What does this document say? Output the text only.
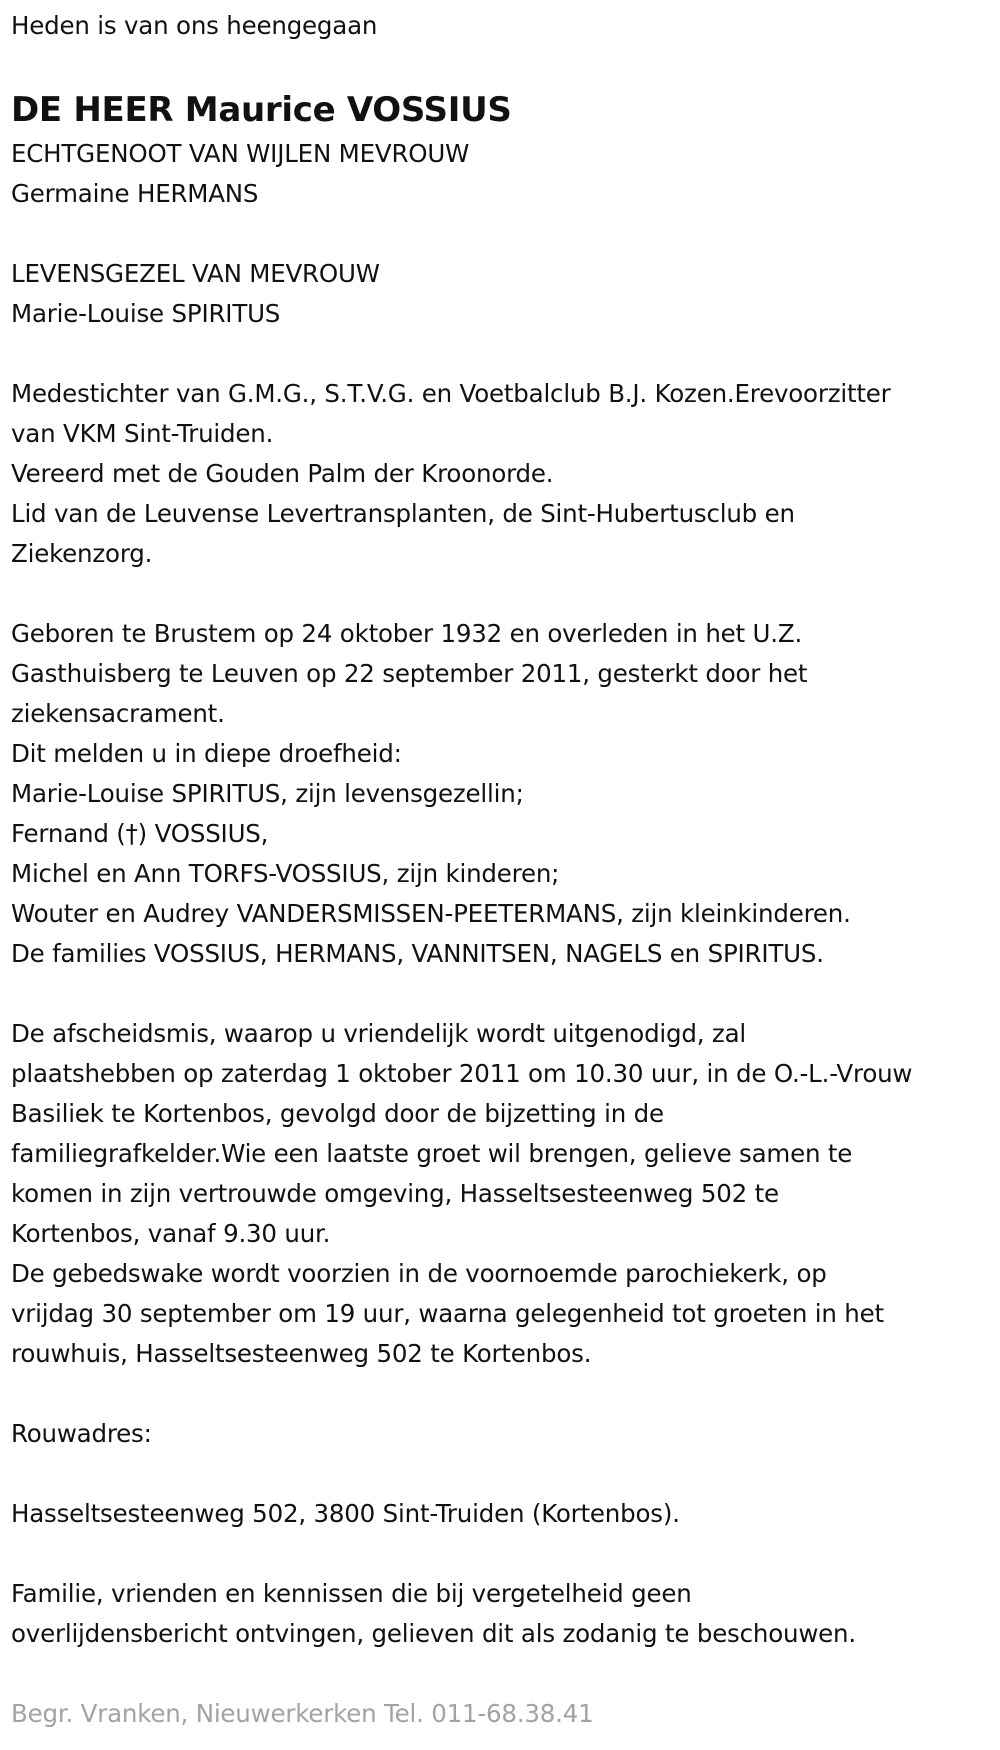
Heden is van ons heengegaan
DE HEER Maurice VOSSIUS
ECHTGENOOT VAN WIJLEN MEVROUW
Germaine HERMANS
LEVENSGEZEL VAN MEVROUW
Marie-Louise SPIRITUS
Medestichter van G.M.G., S.T.V.G. en Voetbalclub B.J. Kozen.Erevoorzitter
van VKM Sint-Truiden.
Vereerd met de Gouden Palm der Kroonorde.
Lid van de Leuvense Levertransplanten, de Sint-Hubertusclub en
Ziekenzorg.
Geboren te Brustem op 24 oktober 1932 en overleden in het U.Z.
Gasthuisberg te Leuven op 22 september 2011, gesterkt door het
ziekensacrament.
Dit melden u in diepe droefheid:
Marie-Louise SPIRITUS, zijn levensgezellin;
Fernand (†) VOSSIUS,
Michel en Ann TORFS-VOSSIUS, zijn kinderen;
Wouter en Audrey VANDERSMISSEN-PEETERMANS, zijn kleinkinderen.
De families VOSSIUS, HERMANS, VANNITSEN, NAGELS en SPIRITUS.
De afscheidsmis, waarop u vriendelijk wordt uitgenodigd, zal
plaatshebben op zaterdag 1 oktober 2011 om 10.30 uur, in de O.-L.-Vrouw
Basiliek te Kortenbos, gevolgd door de bijzetting in de
familiegrafkelder.Wie een laatste groet wil brengen, gelieve samen te
komen in zijn vertrouwde omgeving, Hasseltsesteenweg 502 te
Kortenbos, vanaf 9.30 uur.
De gebedswake wordt voorzien in de voornoemde parochiekerk, op
vrijdag 30 september om 19 uur, waarna gelegenheid tot groeten in het
rouwhuis, Hasseltsesteenweg 502 te Kortenbos.
Rouwadres:
Hasseltsesteenweg 502, 3800 Sint-Truiden (Kortenbos).
Familie, vrienden en kennissen die bij vergetelheid geen
overlijdensbericht ontvingen, gelieven dit als zodanig te beschouwen.
Begr. Vranken, Nieuwerkerken Tel. 011-68.38.41
